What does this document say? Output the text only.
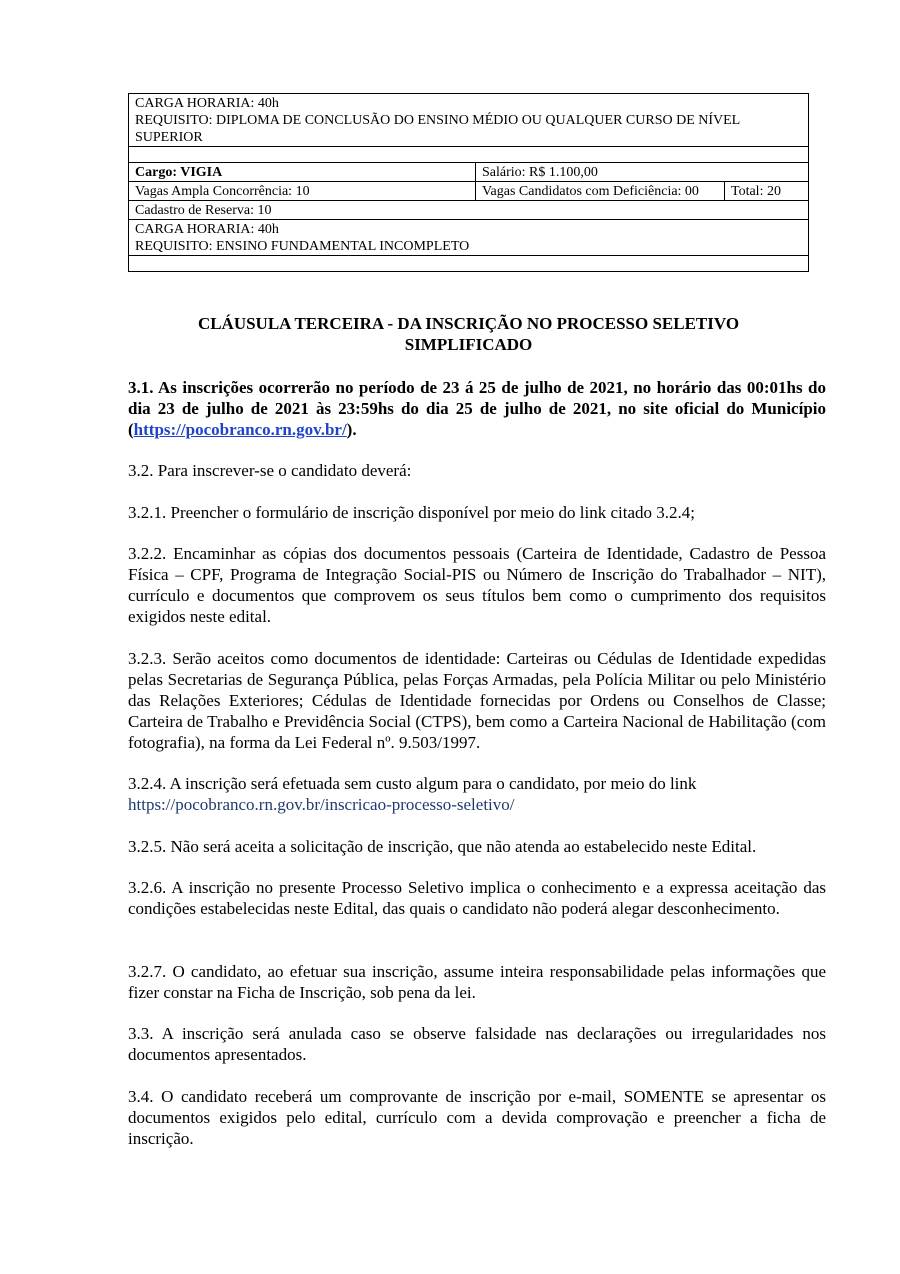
CARGA HORARIA: 40h
REQUISITO: DIPLOMA DE CONCLUSÃO DO ENSINO MÉDIO OU QUALQUER CURSO DE NÍVEL SUPERIOR		

Cargo: VIGIA	Salário: R$ 1.100,00	
Vagas Ampla Concorrência: 10	Vagas Candidatos com Deficiência: 00	Total: 20
Cadastro de Reserva: 10		

CARGA HORARIA: 40h
REQUISITO: ENSINO FUNDAMENTAL INCOMPLETO		

CLÁUSULA TERCEIRA - DA INSCRIÇÃO NO PROCESSO SELETIVO
SIMPLIFICADO

3.1. As inscrições ocorrerão no período de 23 á 25 de julho de 2021, no horário das 00:01hs do dia 23 de julho de 2021 às 23:59hs do dia 25 de julho de 2021, no site oficial do Município (https://pocobranco.rn.gov.br/).

3.2. Para inscrever-se o candidato deverá:

3.2.1. Preencher o formulário de inscrição disponível por meio do link citado 3.2.4;

3.2.2. Encaminhar as cópias dos documentos pessoais (Carteira de Identidade, Cadastro de Pessoa Física – CPF, Programa de Integração Social-PIS ou Número de Inscrição do Trabalhador – NIT), currículo e documentos que comprovem os seus títulos bem como o cumprimento dos requisitos exigidos neste edital.

3.2.3. Serão aceitos como documentos de identidade: Carteiras ou Cédulas de Identidade expedidas pelas Secretarias de Segurança Pública, pelas Forças Armadas, pela Polícia Militar ou pelo Ministério das Relações Exteriores; Cédulas de Identidade fornecidas por Ordens ou Conselhos de Classe; Carteira de Trabalho e Previdência Social (CTPS), bem como a Carteira Nacional de Habilitação (com fotografia), na forma da Lei Federal nº. 9.503/1997.

3.2.4. A inscrição será efetuada sem custo algum para o candidato, por meio do link
https://pocobranco.rn.gov.br/inscricao-processo-seletivo/

3.2.5. Não será aceita a solicitação de inscrição, que não atenda ao estabelecido neste Edital.

3.2.6. A inscrição no presente Processo Seletivo implica o conhecimento e a expressa aceitação das condições estabelecidas neste Edital, das quais o candidato não poderá alegar desconhecimento.

3.2.7. O candidato, ao efetuar sua inscrição, assume inteira responsabilidade pelas informações que fizer constar na Ficha de Inscrição, sob pena da lei.

3.3. A inscrição será anulada caso se observe falsidade nas declarações ou irregularidades nos documentos apresentados.

3.4. O candidato receberá um comprovante de inscrição por e-mail, SOMENTE se apresentar os documentos exigidos pelo edital, currículo com a devida comprovação e preencher a ficha de inscrição.
